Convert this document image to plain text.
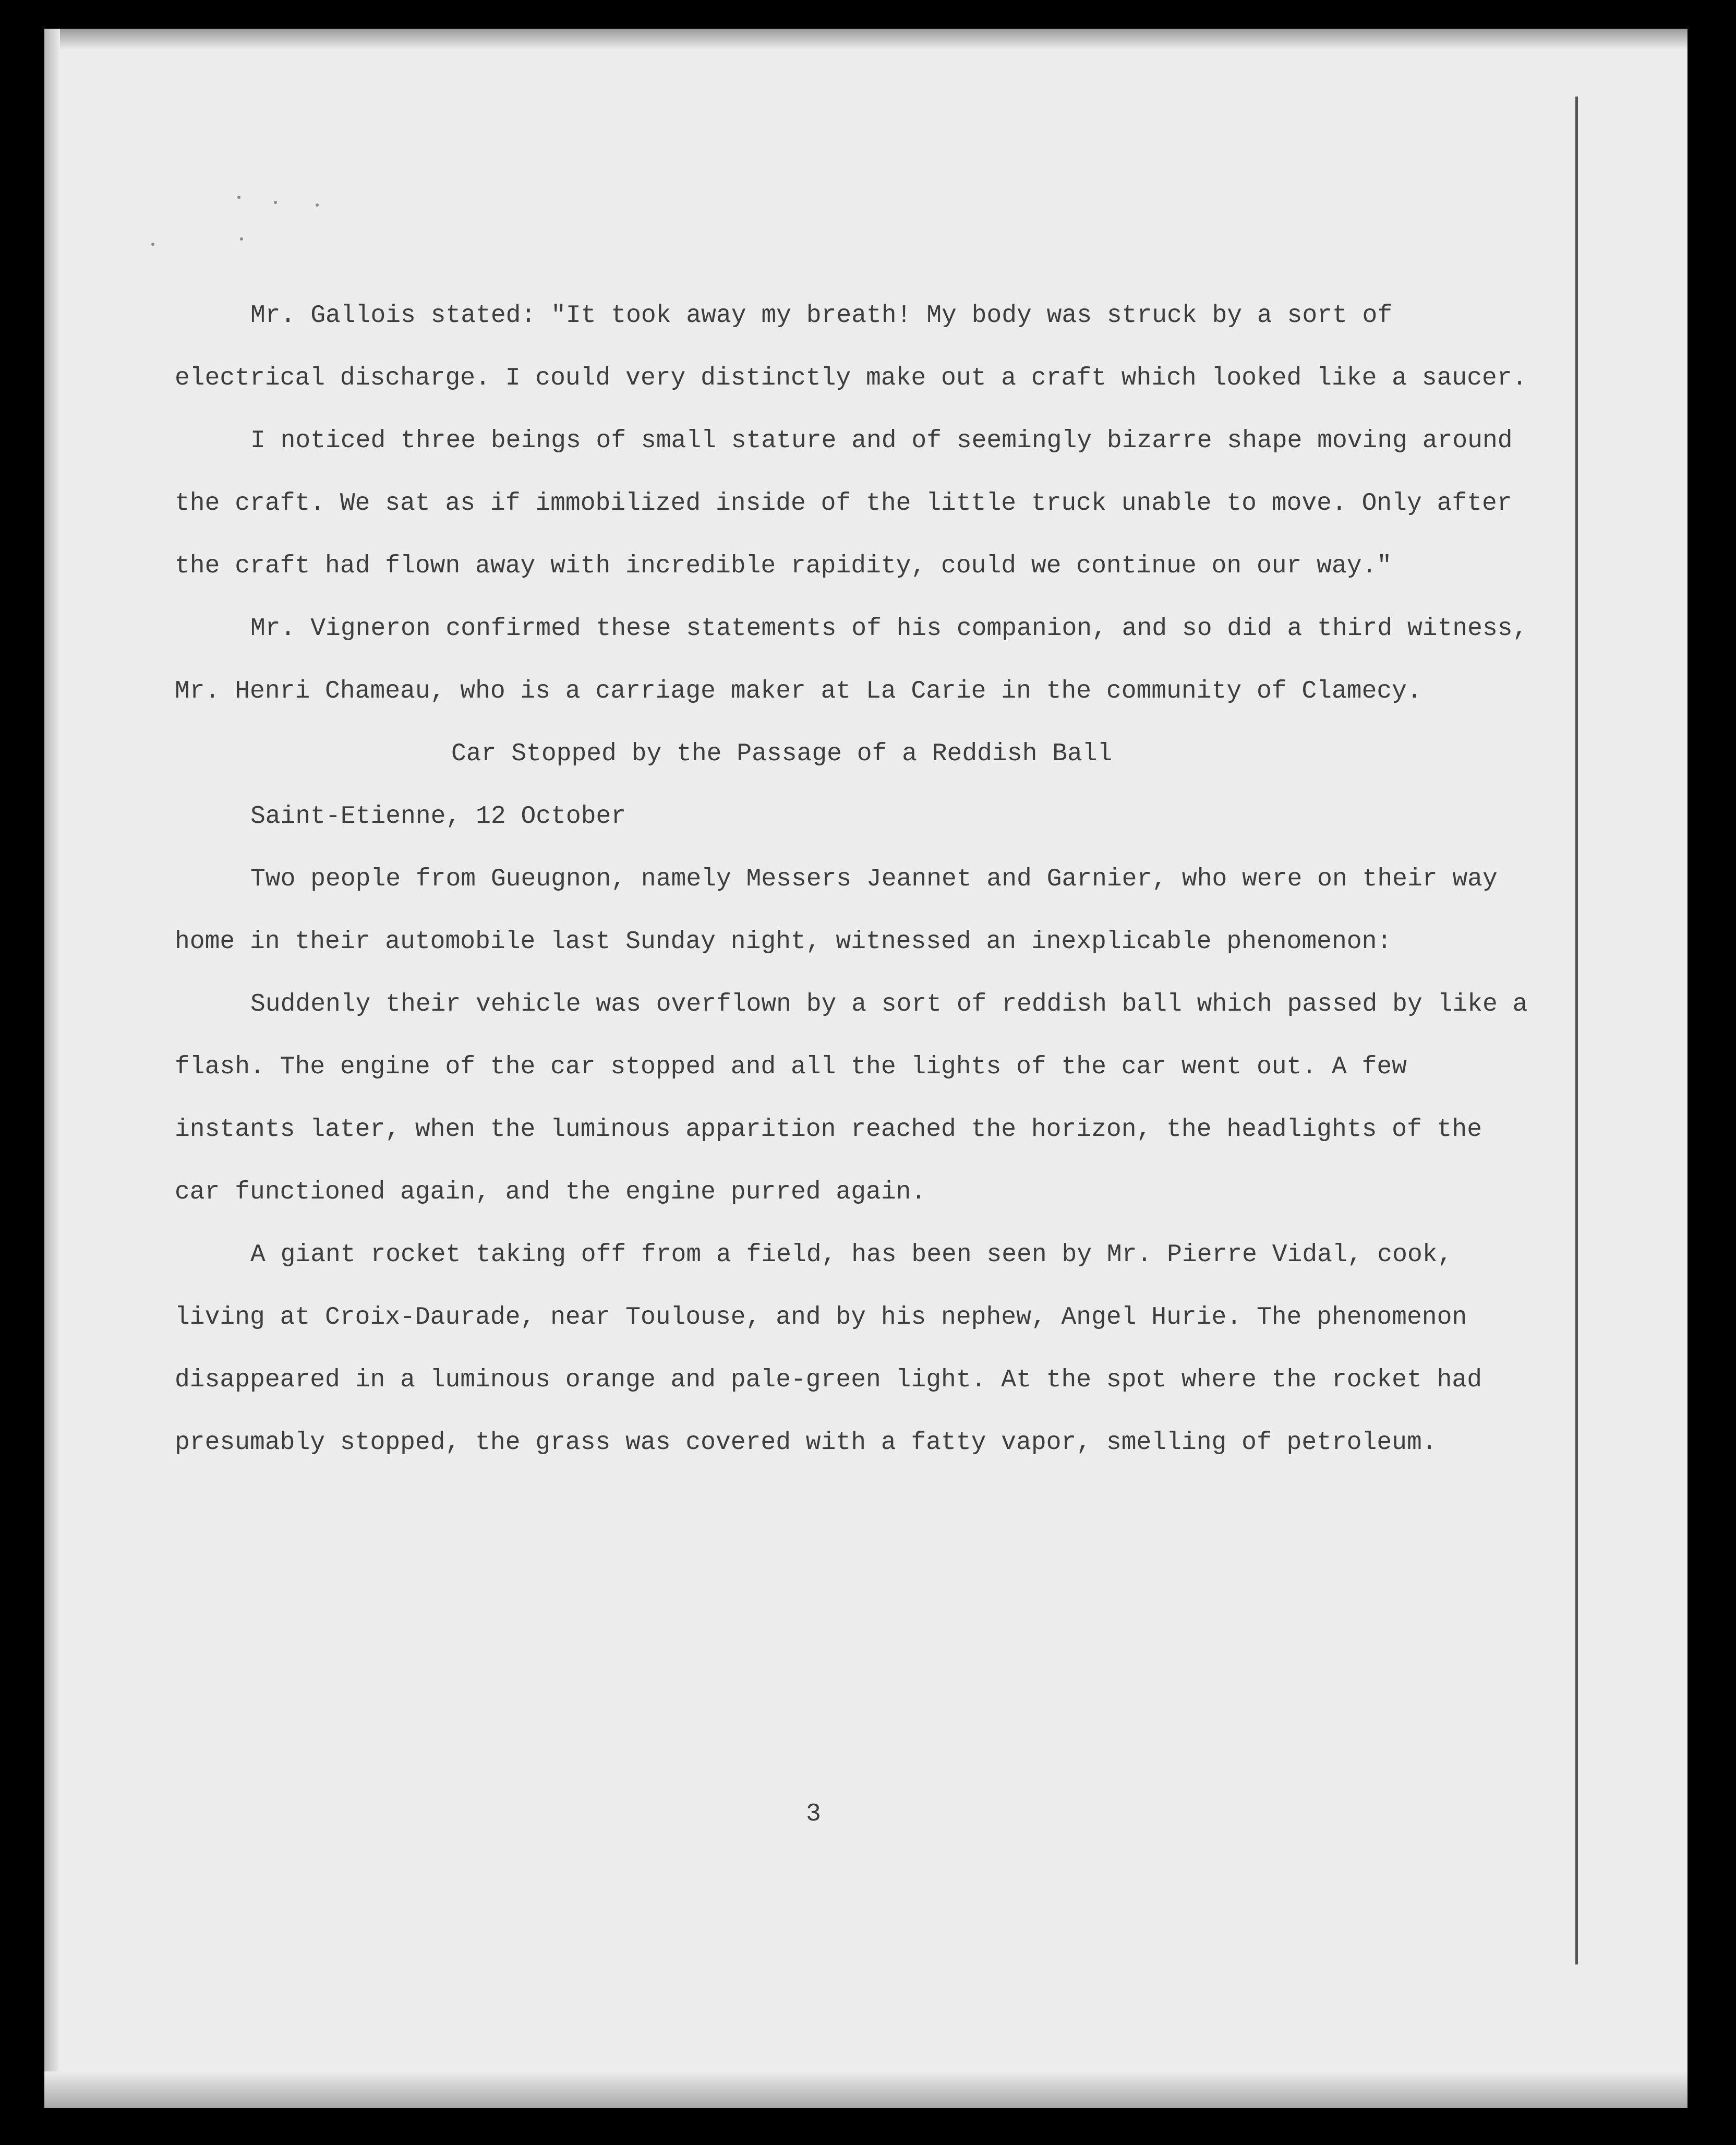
Mr. Gallois stated: "It took away my breath! My body was struck by a sort of electrical discharge. I could very distinctly make out a craft which looked like a saucer.

I noticed three beings of small stature and of seemingly bizarre shape moving around the craft. We sat as if immobilized inside of the little truck unable to move. Only after the craft had flown away with incredible rapidity, could we continue on our way."

Mr. Vigneron confirmed these statements of his companion, and so did a third witness, Mr. Henri Chameau, who is a carriage maker at La Carie in the community of Clamecy.

Car Stopped by the Passage of a Reddish Ball

Saint-Etienne, 12 October

Two people from Gueugnon, namely Messers Jeannet and Garnier, who were on their way home in their automobile last Sunday night, witnessed an inexplicable phenomenon:

Suddenly their vehicle was overflown by a sort of reddish ball which passed by like a flash. The engine of the car stopped and all the lights of the car went out. A few instants later, when the luminous apparition reached the horizon, the headlights of the car functioned again, and the engine purred again.

A giant rocket taking off from a field, has been seen by Mr. Pierre Vidal, cook, living at Croix-Daurade, near Toulouse, and by his nephew, Angel Hurie. The phenomenon disappeared in a luminous orange and pale-green light. At the spot where the rocket had presumably stopped, the grass was covered with a fatty vapor, smelling of petroleum.

3
